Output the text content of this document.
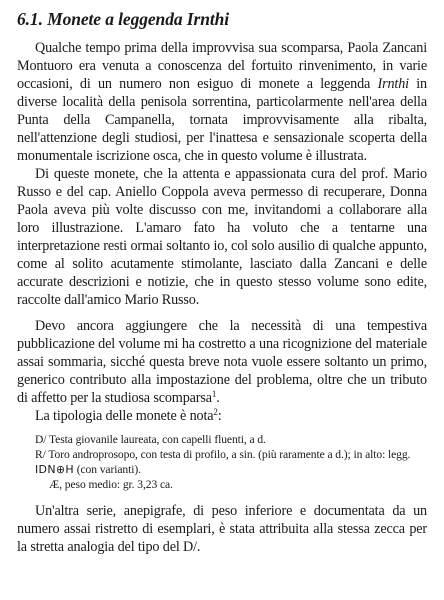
6.1. Monete a leggenda Irnthi

Qualche tempo prima della improvvisa sua scomparsa, Paola Zancani Montuoro era venuta a conoscenza del fortuito rinvenimento, in varie occasioni, di un numero non esiguo di monete a leggenda Irnthi in diverse località della penisola sorrentina, particolarmente nell'area della Punta della Campanella, tornata improvvisamente alla ribalta, nell'attenzione degli studiosi, per l'inattesa e sensazionale scoperta della monumentale iscrizione osca, che in questo volume è illustrata.

Di queste monete, che la attenta e appassionata cura del prof. Mario Russo e del cap. Aniello Coppola aveva permesso di recuperare, Donna Paola aveva più volte discusso con me, invitandomi a collaborare alla loro illustrazione. L'amaro fato ha voluto che a tentarne una interpretazione resti ormai soltanto io, col solo ausilio di qualche appunto, come al solito acutamente stimolante, lasciato dalla Zancani e delle accurate descrizioni e notizie, che in questo stesso volume sono edite, raccolte dall'amico Mario Russo.

Devo ancora aggiungere che la necessità di una tempestiva pubblicazione del volume mi ha costretto a una ricognizione del materiale assai sommaria, sicché questa breve nota vuole essere soltanto un primo, generico contributo alla impostazione del problema, oltre che un tributo di affetto per la studiosa scomparsa$^1$.

La tipologia delle monete è nota$^2$:

D/ Testa giovanile laureata, con capelli fluenti, a d.
R/ Toro androprosopo, con testa di profilo, a sin. (più raramente a d.); in alto: legg.
IDN⊕H (con varianti).
Æ, peso medio: gr. 3,23 ca.

Un'altra serie, anepigrafe, di peso inferiore e documentata da un numero assai ristretto di esemplari, è stata attribuita alla stessa zecca per la stretta analogia del tipo del D/.
